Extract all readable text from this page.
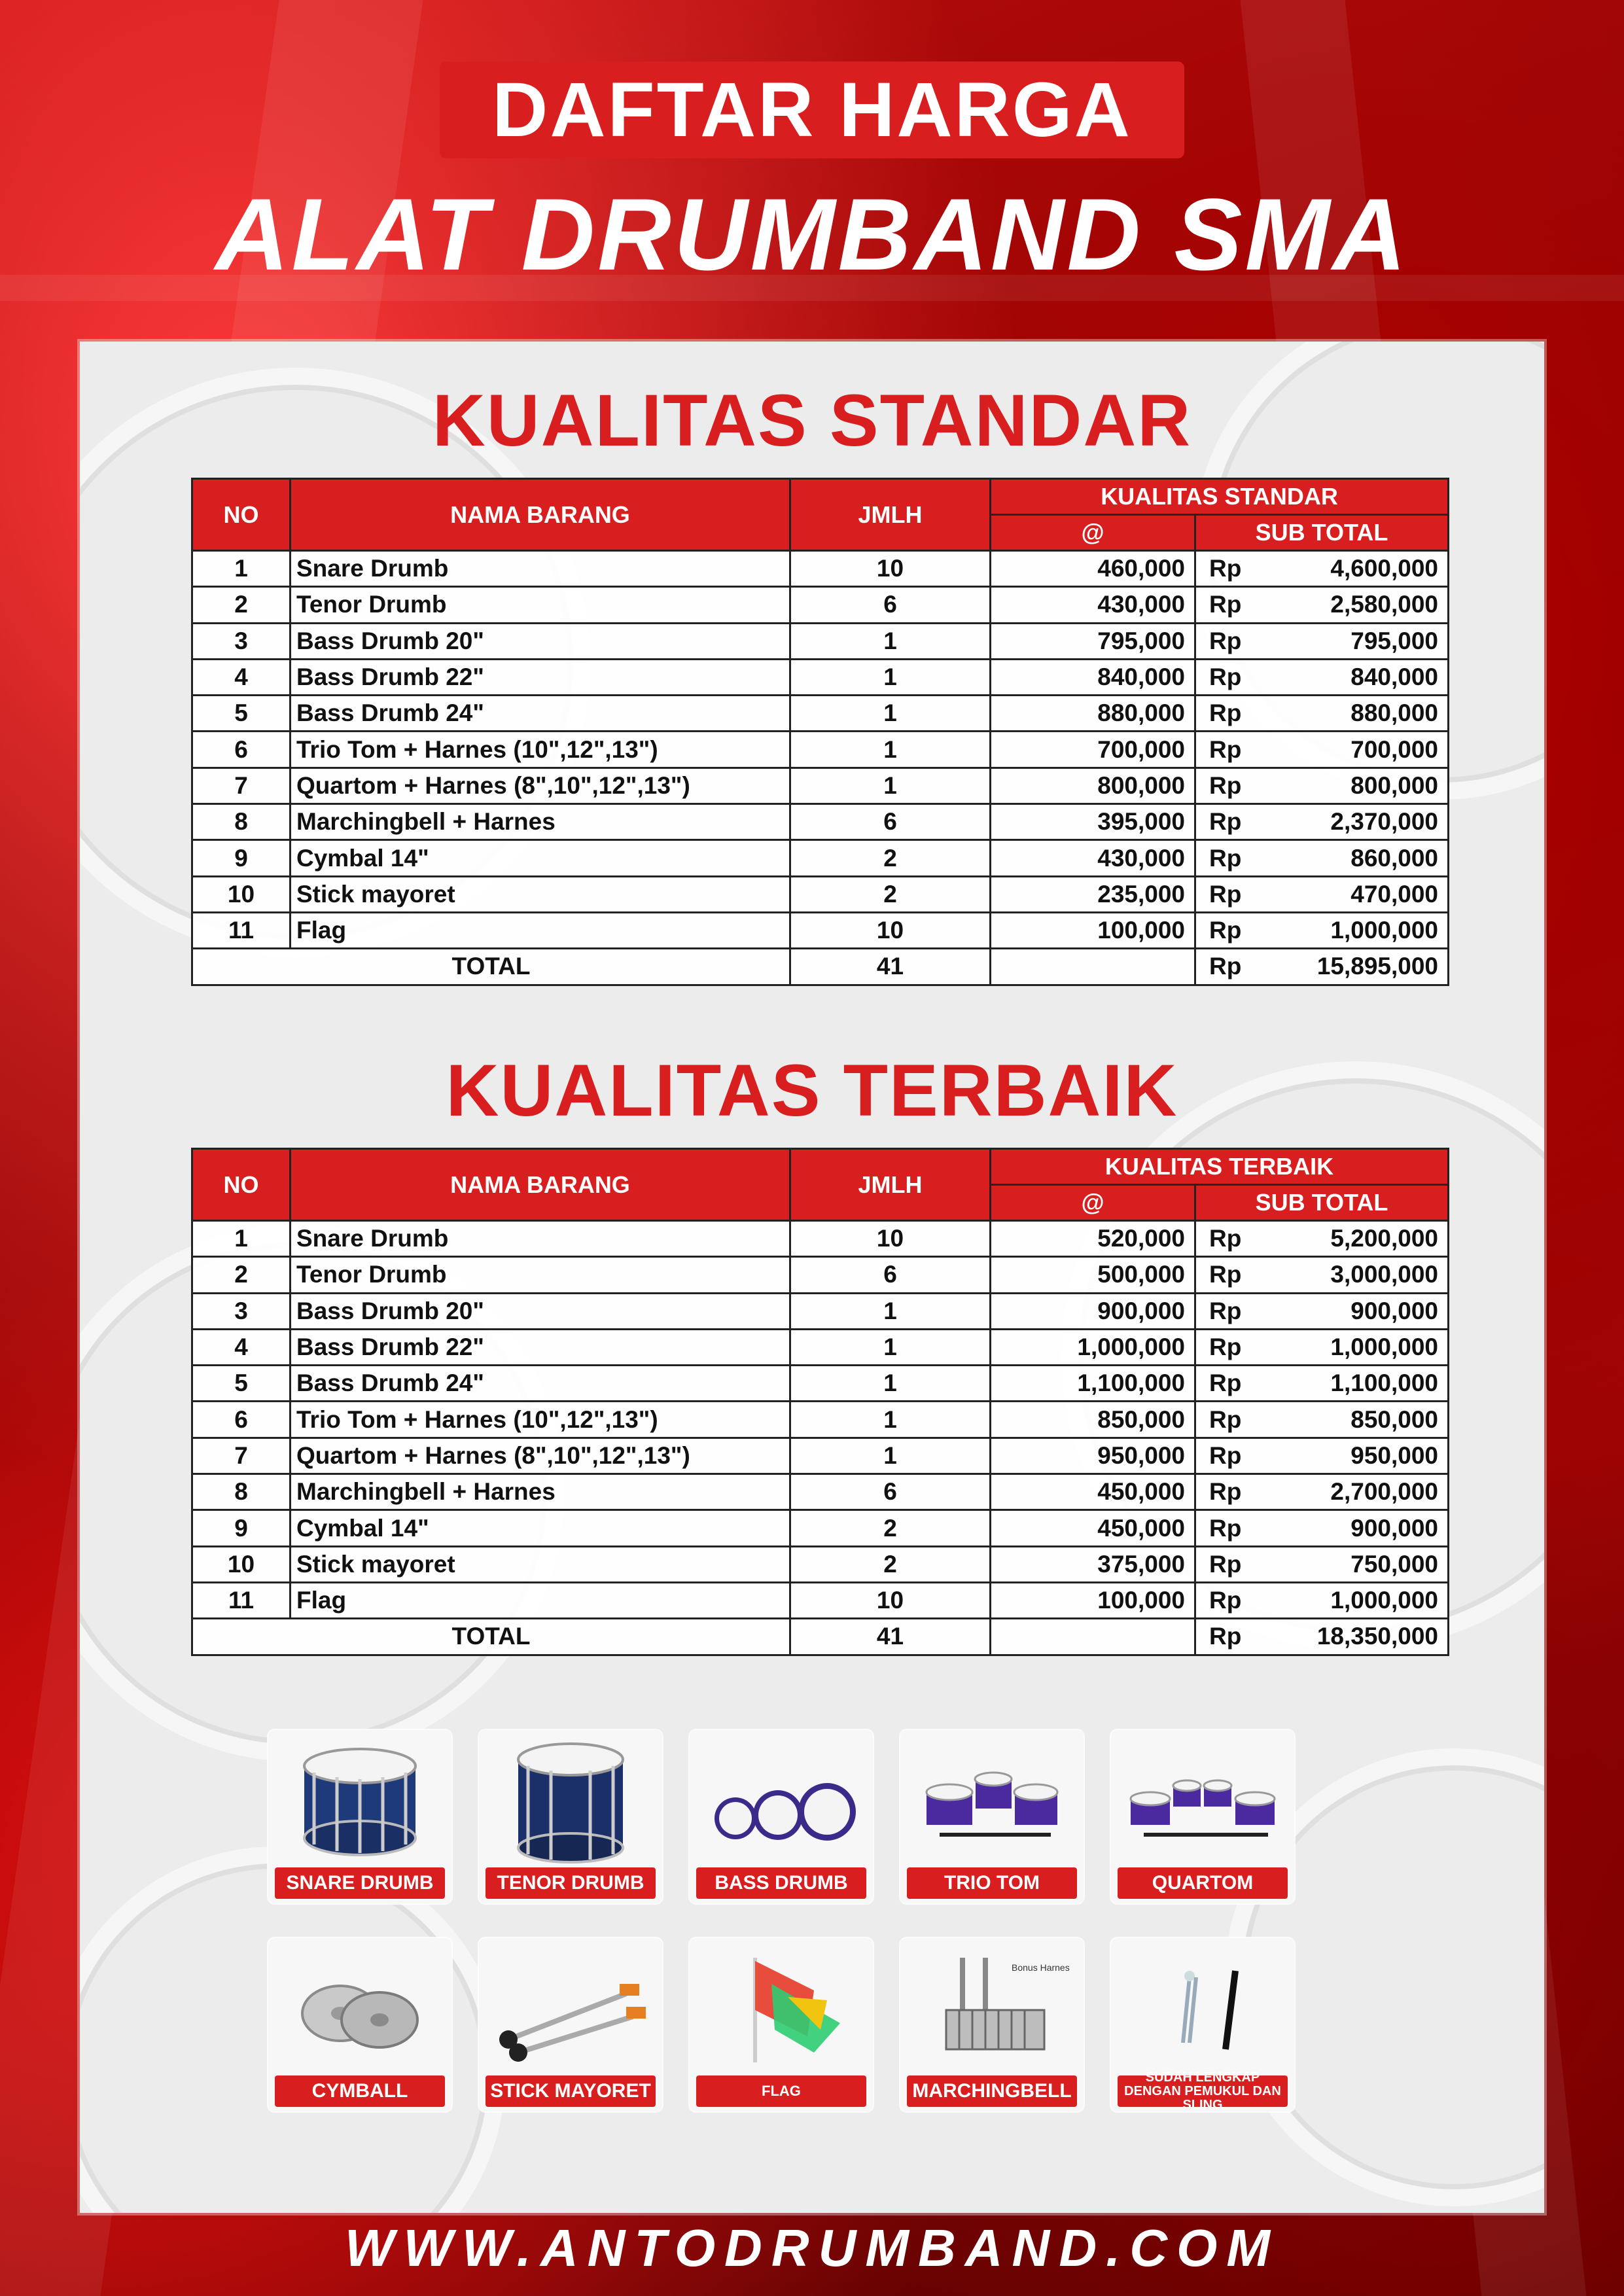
DAFTAR HARGA
ALAT DRUMBAND SMA
KUALITAS STANDAR
NO	NAMA BARANG	JMLH	KUALITAS STANDAR	
			@	SUB TOTAL
1	Snare Drumb	10	460,000	Rp 4,600,000

2	Tenor Drumb	6	430,000	Rp 2,580,000

3	Bass Drumb 20"	1	795,000	Rp 795,000

4	Bass Drumb 22"	1	840,000	Rp 840,000

5	Bass Drumb 24"	1	880,000	Rp 880,000

6	Trio Tom + Harnes (10",12",13")	1	700,000	Rp 700,000

7	Quartom + Harnes (8",10",12",13")	1	800,000	Rp 800,000

8	Marchingbell + Harnes	6	395,000	Rp 2,370,000

9	Cymbal 14"	2	430,000	Rp 860,000

10	Stick mayoret	2	235,000	Rp 470,000

11	Flag	10	100,000	Rp 1,000,000

TOTAL		41		Rp 15,895,000
KUALITAS TERBAIK
NO	NAMA BARANG	JMLH	KUALITAS TERBAIK	
			@	SUB TOTAL
1	Snare Drumb	10	520,000	Rp 5,200,000

2	Tenor Drumb	6	500,000	Rp 3,000,000

3	Bass Drumb 20"	1	900,000	Rp 900,000

4	Bass Drumb 22"	1	1,000,000	Rp 1,000,000

5	Bass Drumb 24"	1	1,100,000	Rp 1,100,000

6	Trio Tom + Harnes (10",12",13")	1	850,000	Rp 850,000

7	Quartom + Harnes (8",10",12",13")	1	950,000	Rp 950,000

8	Marchingbell + Harnes	6	450,000	Rp 2,700,000

9	Cymbal 14"	2	450,000	Rp 900,000

10	Stick mayoret	2	375,000	Rp 750,000

11	Flag	10	100,000	Rp 1,000,000

TOTAL		41		Rp 18,350,000
SNARE DRUMB	TENOR DRUMB	BASS DRUMB	TRIO TOM	QUARTOM
CYMBALL	STICK MAYORET	FLAG
Bonus Harnes
MARCHINGBELL
SUDAH LENGKAP DENGAN PEMUKUL DAN SLING
WWW.ANTODRUMBAND.COM
